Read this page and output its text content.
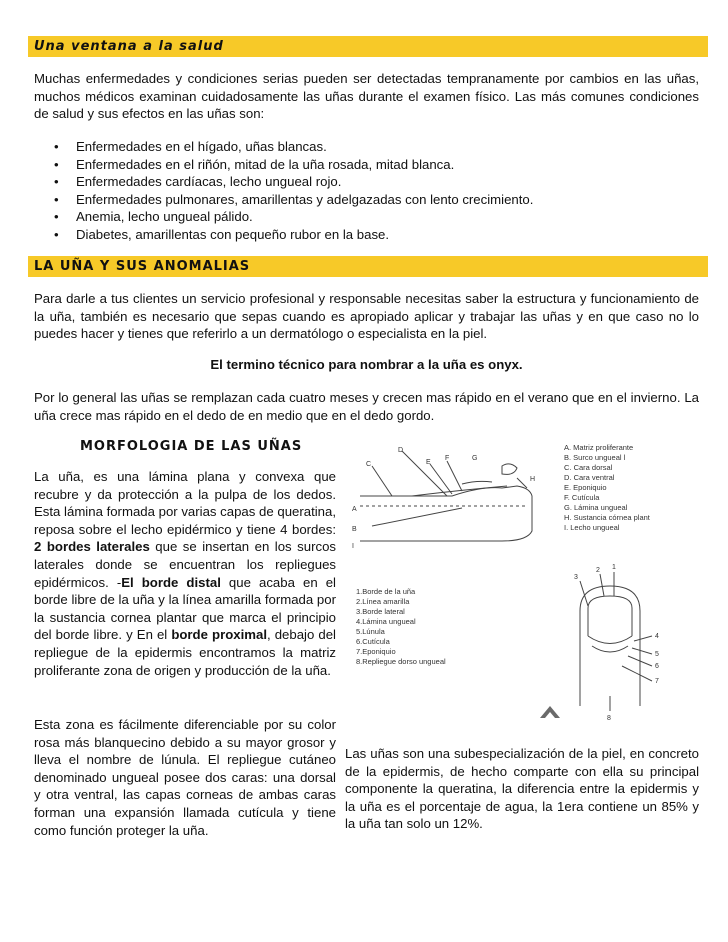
Una ventana a la salud

Muchas enfermedades y condiciones serias pueden ser detectadas tempranamente por cambios en las uñas, muchos médicos examinan cuidadosamente las uñas durante el examen físico. Las más comunes condiciones de salud y sus efectos en las uñas son:

• Enfermedades en el hígado, uñas blancas.
• Enfermedades en el riñón, mitad de la uña rosada, mitad blanca.
• Enfermedades cardíacas, lecho ungueal rojo.
• Enfermedades pulmonares, amarillentas y adelgazadas con lento crecimiento.
• Anemia, lecho ungueal pálido.
• Diabetes, amarillentas con pequeño rubor en la base.
LA UÑA Y SUS ANOMALIAS

Para darle a tus clientes un servicio profesional y responsable necesitas saber la estructura y funcionamiento de la uña, también es necesario que sepas cuando es apropiado aplicar y trabajar las uñas y en que caso no lo puedes hacer y tienes que referirlo a un dermatólogo o especialista en la piel.

El termino técnico para nombrar a la uña es onyx.

Por lo general las uñas se remplazan cada cuatro meses y crecen mas rápido en el verano que en el invierno. La uña crece mas rápido en el dedo de en medio que en el dedo gordo.

MORFOLOGIA DE LAS UÑAS

La uña, es una lámina plana y convexa que recubre y da protección a la pulpa de los dedos. Esta lámina formada por varias capas de queratina, reposa sobre el lecho epidérmico y tiene 4 bordes: 2 bordes laterales que se insertan en los surcos laterales donde se encuentran los repliegues epidérmicos. -El borde distal que acaba en el borde libre de la uña y la línea amarilla formada por la sustancia cornea plantar que marca el principio del borde libre. y En el borde proximal, debajo del repliegue de la epidermis encontramos la matriz proliferante zona de origen y producción de la uña.

Esta zona es fácilmente diferenciable por su color rosa más blanquecino debido a su mayor grosor y lleva el nombre de lúnula. El repliegue cutáneo denominado ungueal posee dos caras: una dorsal y otra ventral, las capas corneas de ambas caras forman una expansión llamada cutícula y tiene como función proteger la uña.

Las uñas son una subespecialización de la piel, en concreto de la epidermis, de hecho comparte con ella su principal componente la queratina, la diferencia entre la epidermis y la uña es el porcentaje de agua, la 1era contiene un 85% y la uña tan solo un 12%.

C
D
E
F	G
H
A
B
I
A. Matriz proliferante
B. Surco ungueal l
C. Cara dorsal
D. Cara ventral
E. Eponiquio
F. Cutícula
G. Lámina ungueal
H. Sustancia córnea plant
I. Lecho ungueal
1.Borde de la uña
2.Línea amarilla
3.Borde lateral
4.Lámina ungueal
5.Lúnula
6.Cutícula
7.Eponiquio
8.Repliegue dorso ungueal
3
2 1
4
5
6
7
8
